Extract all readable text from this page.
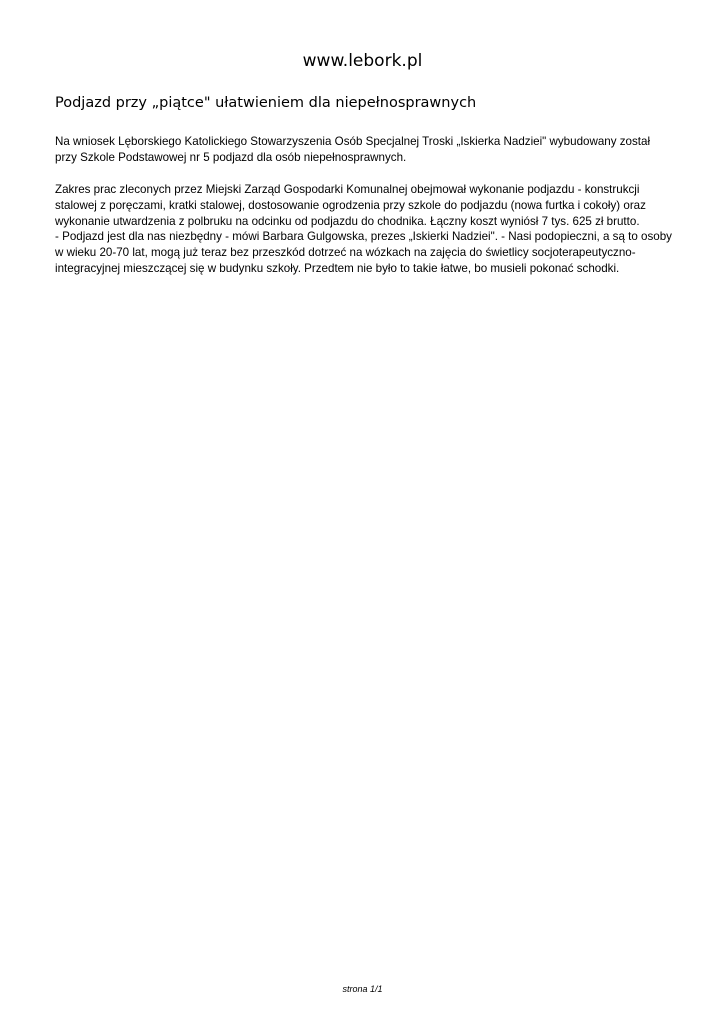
www.lebork.pl
Podjazd przy „piątce" ułatwieniem dla niepełnosprawnych

Na wniosek Lęborskiego Katolickiego Stowarzyszenia Osób Specjalnej Troski „Iskierka Nadziei" wybudowany został przy Szkole Podstawowej nr 5 podjazd dla osób niepełnosprawnych.

Zakres prac zleconych przez Miejski Zarząd Gospodarki Komunalnej obejmował wykonanie podjazdu - konstrukcji stalowej z poręczami, kratki stalowej, dostosowanie ogrodzenia przy szkole do podjazdu (nowa furtka i cokoły) oraz wykonanie utwardzenia z polbruku na odcinku od podjazdu do chodnika. Łączny koszt wyniósł 7 tys. 625 zł brutto.

- Podjazd jest dla nas niezbędny - mówi Barbara Gulgowska, prezes „Iskierki Nadziei". - Nasi podopieczni, a są to osoby w wieku 20-70 lat, mogą już teraz bez przeszkód dotrzeć na wózkach na zajęcia do świetlicy socjoterapeutyczno-integracyjnej mieszczącej się w budynku szkoły. Przedtem nie było to takie łatwe, bo musieli pokonać schodki.

strona 1/1
